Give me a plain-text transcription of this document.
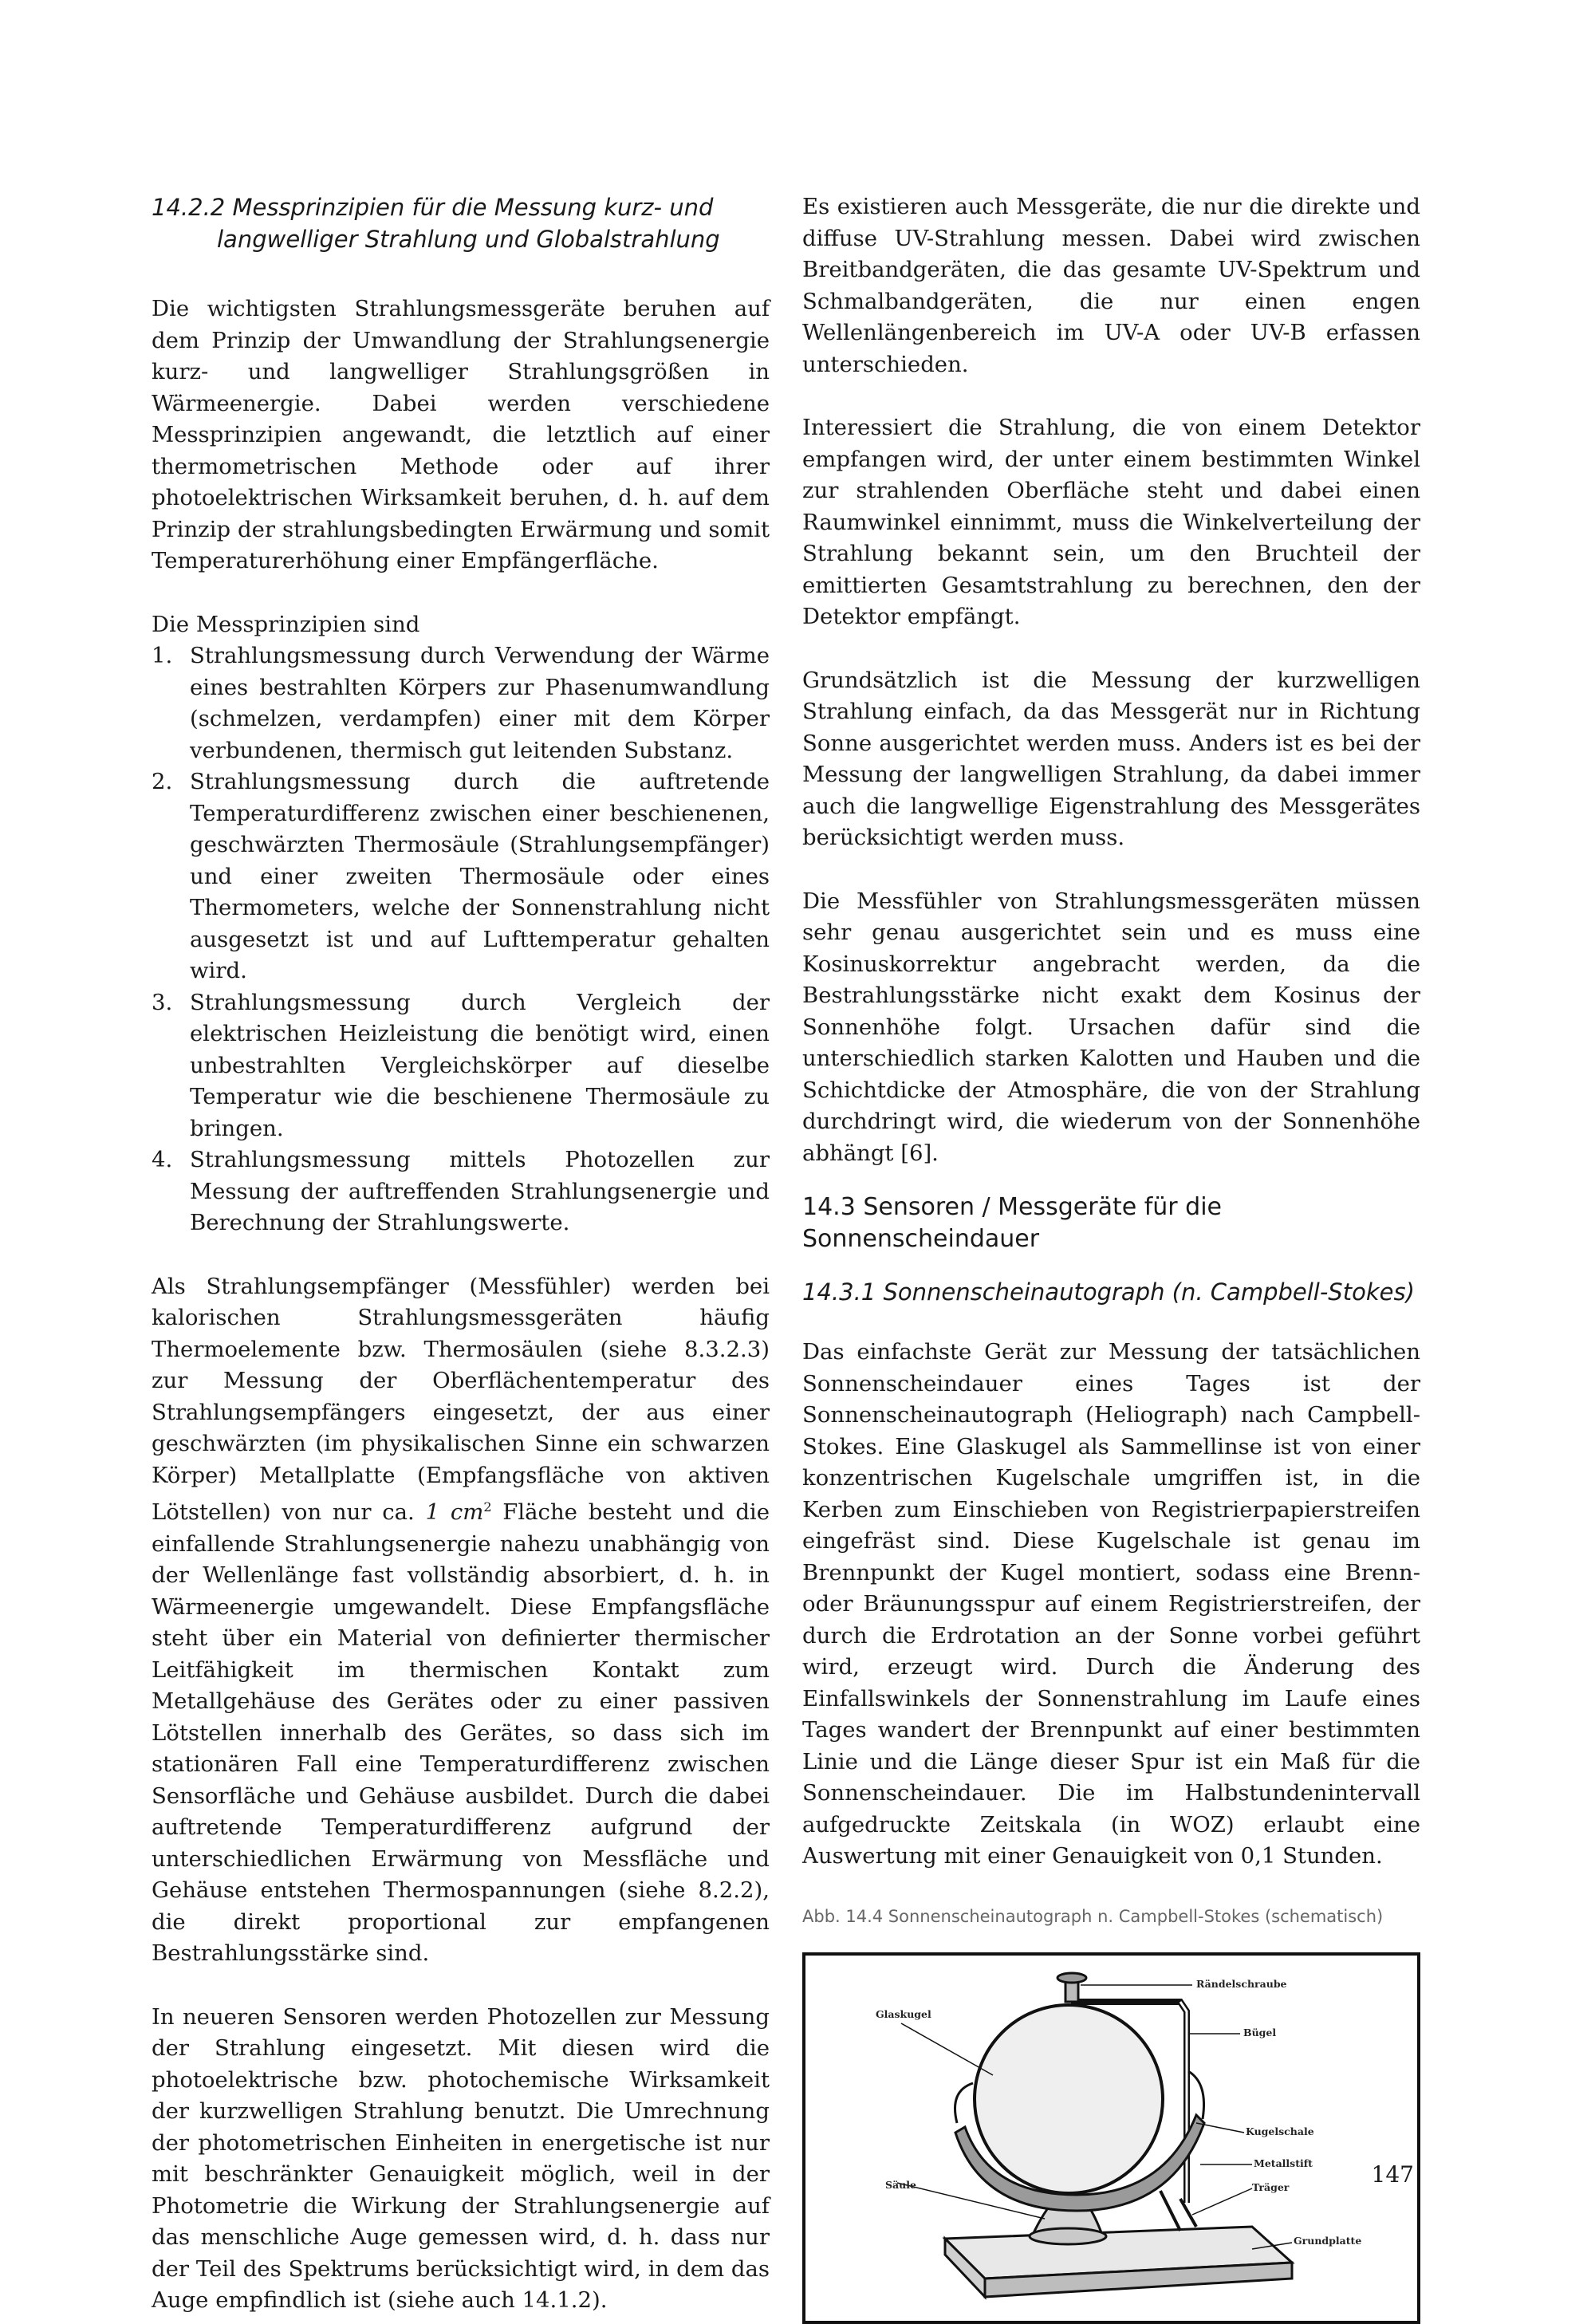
14.2.2 Messprinzipien für die Messung kurz- und langwelliger Strahlung und Globalstrahlung

Die wichtigsten Strahlungsmessgeräte beruhen auf dem Prinzip der Umwandlung der Strahlungsenergie kurz- und langwelliger Strahlungsgrößen in Wärmeenergie. Dabei werden verschiedene Messprinzipien angewandt, die letztlich auf einer thermometrischen Methode oder auf ihrer photoelektrischen Wirksamkeit beruhen, d. h. auf dem Prinzip der strahlungsbedingten Erwärmung und somit Temperaturerhöhung einer Empfängerfläche.

Die Messprinzipien sind

1. Strahlungsmessung durch Verwendung der Wärme eines bestrahlten Körpers zur Phasenumwandlung (schmelzen, verdampfen) einer mit dem Körper verbundenen, thermisch gut leitenden Substanz.
2. Strahlungsmessung durch die auftretende Temperaturdifferenz zwischen einer beschienenen, geschwärzten Thermosäule (Strahlungsempfänger) und einer zweiten Thermosäule oder eines Thermometers, welche der Sonnenstrahlung nicht ausgesetzt ist und auf Lufttemperatur gehalten wird.
3. Strahlungsmessung durch Vergleich der elektrischen Heizleistung die benötigt wird, einen unbestrahlten Vergleichskörper auf dieselbe Temperatur wie die beschienene Thermosäule zu bringen.
4. Strahlungsmessung mittels Photozellen zur Messung der auftreffenden Strahlungsenergie und Berechnung der Strahlungswerte.

Als Strahlungsempfänger (Messfühler) werden bei kalorischen Strahlungsmessgeräten häufig Thermoelemente bzw. Thermosäulen (siehe 8.3.2.3) zur Messung der Oberflächentemperatur des Strahlungsempfängers eingesetzt, der aus einer geschwärzten (im physikalischen Sinne ein schwarzen Körper) Metallplatte (Empfangsfläche von aktiven Lötstellen) von nur ca. 1 $cm^2$ Fläche besteht und die einfallende Strahlungsenergie nahezu unabhängig von der Wellenlänge fast vollständig absorbiert, d. h. in Wärmeenergie umgewandelt. Diese Empfangsfläche steht über ein Material von definierter thermischer Leitfähigkeit im thermischen Kontakt zum Metallgehäuse des Gerätes oder zu einer passiven Lötstellen innerhalb des Gerätes, so dass sich im stationären Fall eine Temperaturdifferenz zwischen Sensorfläche und Gehäuse ausbildet. Durch die dabei auftretende Temperaturdifferenz aufgrund der unterschiedlichen Erwärmung von Messfläche und Gehäuse entstehen Thermospannungen (siehe 8.2.2), die direkt proportional zur empfangenen Bestrahlungsstärke sind.

In neueren Sensoren werden Photozellen zur Messung der Strahlung eingesetzt. Mit diesen wird die photoelektrische bzw. photochemische Wirksamkeit der kurzwelligen Strahlung benutzt. Die Umrechnung der photometrischen Einheiten in energetische ist nur mit beschränkter Genauigkeit möglich, weil in der Photometrie die Wirkung der Strahlungsenergie auf das menschliche Auge gemessen wird, d. h. dass nur der Teil des Spektrums berücksichtigt wird, in dem das Auge empfindlich ist (siehe auch 14.1.2).

Es existieren auch Messgeräte, die nur die direkte und diffuse UV-Strahlung messen. Dabei wird zwischen Breitbandgeräten, die das gesamte UV-Spektrum und Schmalbandgeräten, die nur einen engen Wellenlängenbereich im UV-A oder UV-B erfassen unterschieden.

Interessiert die Strahlung, die von einem Detektor empfangen wird, der unter einem bestimmten Winkel zur strahlenden Oberfläche steht und dabei einen Raumwinkel einnimmt, muss die Winkelverteilung der Strahlung bekannt sein, um den Bruchteil der emittierten Gesamtstrahlung zu berechnen, den der Detektor empfängt.

Grundsätzlich ist die Messung der kurzwelligen Strahlung einfach, da das Messgerät nur in Richtung Sonne ausgerichtet werden muss. Anders ist es bei der Messung der langwelligen Strahlung, da dabei immer auch die langwellige Eigenstrahlung des Messgerätes berücksichtigt werden muss.

Die Messfühler von Strahlungsmessgeräten müssen sehr genau ausgerichtet sein und es muss eine Kosinuskorrektur angebracht werden, da die Bestrahlungsstärke nicht exakt dem Kosinus der Sonnenhöhe folgt. Ursachen dafür sind die unterschiedlich starken Kalotten und Hauben und die Schichtdicke der Atmosphäre, die von der Strahlung durchdringt wird, die wiederum von der Sonnenhöhe abhängt [6].

14.3 Sensoren / Messgeräte für die Sonnenscheindauer
14.3.1 Sonnenscheinautograph (n. Campbell-Stokes)

Das einfachste Gerät zur Messung der tatsächlichen Sonnenscheindauer eines Tages ist der Sonnenscheinautograph (Heliograph) nach Campbell-Stokes. Eine Glaskugel als Sammellinse ist von einer konzentrischen Kugelschale umgriffen ist, in die Kerben zum Einschieben von Registrierpapierstreifen eingefräst sind. Diese Kugelschale ist genau im Brennpunkt der Kugel montiert, sodass eine Brenn- oder Bräunungsspur auf einem Registrierstreifen, der durch die Erdrotation an der Sonne vorbei geführt wird, erzeugt wird. Durch die Änderung des Einfallswinkels der Sonnenstrahlung im Laufe eines Tages wandert der Brennpunkt auf einer bestimmten Linie und die Länge dieser Spur ist ein Maß für die Sonnenscheindauer. Die im Halbstundenintervall aufgedruckte Zeitskala (in WOZ) erlaubt eine Auswertung mit einer Genauigkeit von 0,1 Stunden.

Abb. 14.4 Sonnenscheinautograph n. Campbell-Stokes (schematisch)
Glaskugel
Rändelschraube
Bügel
Kugelschale
Metallstift
Träger
Säule
Grundplatte
147
